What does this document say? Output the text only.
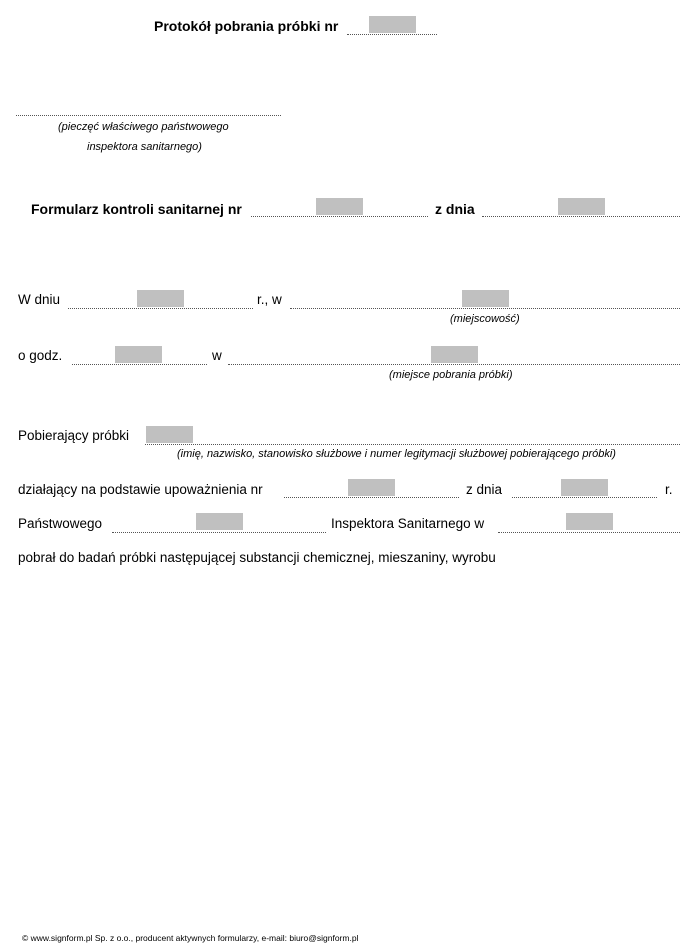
Protokół pobrania próbki nr
(pieczęć właściwego państwowego
inspektora sanitarnego)
Formularz kontroli sanitarnej nr	z dnia
W dniu	r., w
(miejscowość)
o godz.	w
(miejsce pobrania próbki)
Pobierający próbki
(imię, nazwisko, stanowisko służbowe i numer legitymacji służbowej pobierającego próbki)
działający na podstawie upoważnienia nr	z dnia	r.
Państwowego	Inspektora Sanitarnego w
pobrał do badań próbki następującej substancji chemicznej, mieszaniny, wyrobu
© www.signform.pl Sp. z o.o., producent aktywnych formularzy, e-mail: biuro@signform.pl
